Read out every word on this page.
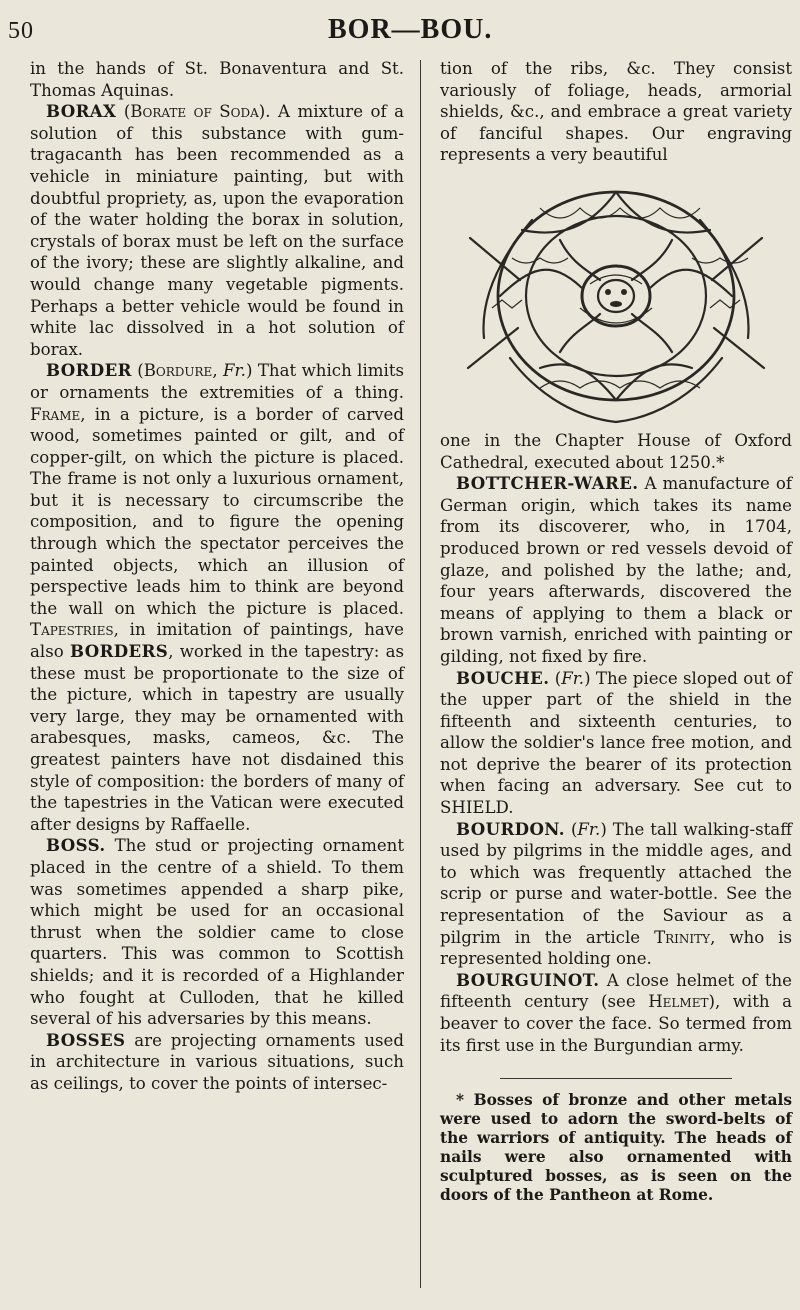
50	BOR—BOU.

in the hands of St. Bonaventura and St. Thomas Aquinas.

BORAX (Borate of Soda). A mixture of a solution of this substance with gum-tragacanth has been recommended as a vehicle in miniature painting, but with doubtful propriety, as, upon the evaporation of the water holding the borax in solution, crystals of borax must be left on the surface of the ivory; these are slightly alkaline, and would change many vegetable pigments. Perhaps a better vehicle would be found in white lac dissolved in a hot solution of borax.

BORDER (Bordure, Fr.) That which limits or ornaments the extremities of a thing. Frame, in a picture, is a border of carved wood, sometimes painted or gilt, and of copper-gilt, on which the picture is placed. The frame is not only a luxurious ornament, but it is necessary to circumscribe the composition, and to figure the opening through which the spectator perceives the painted objects, which an illusion of perspective leads him to think are beyond the wall on which the picture is placed. Tapestries, in imitation of paintings, have also BORDERS, worked in the tapestry: as these must be proportionate to the size of the picture, which in tapestry are usually very large, they may be ornamented with arabesques, masks, cameos, &c. The greatest painters have not disdained this style of composition: the borders of many of the tapestries in the Vatican were executed after designs by Raffaelle.

BOSS. The stud or projecting ornament placed in the centre of a shield. To them was sometimes appended a sharp pike, which might be used for an occasional thrust when the soldier came to close quarters. This was common to Scottish shields; and it is recorded of a Highlander who fought at Culloden, that he killed several of his adversaries by this means.

BOSSES are projecting ornaments used in architecture in various situations, such as ceilings, to cover the points of intersec-

tion of the ribs, &c. They consist variously of foliage, heads, armorial shields, &c., and embrace a great variety of fanciful shapes. Our engraving represents a very beautiful

one in the Chapter House of Oxford Cathedral, executed about 1250.*

BOTTCHER-WARE. A manufacture of German origin, which takes its name from its discoverer, who, in 1704, produced brown or red vessels devoid of glaze, and polished by the lathe; and, four years afterwards, discovered the means of applying to them a black or brown varnish, enriched with painting or gilding, not fixed by fire.

BOUCHE. (Fr.) The piece sloped out of the upper part of the shield in the fifteenth and sixteenth centuries, to allow the soldier's lance free motion, and not deprive the bearer of its protection when facing an adversary. See cut to SHIELD.

BOURDON. (Fr.) The tall walking-staff used by pilgrims in the middle ages, and to which was frequently attached the scrip or purse and water-bottle. See the representation of the Saviour as a pilgrim in the article Trinity, who is represented holding one.

BOURGUINOT. A close helmet of the fifteenth century (see Helmet), with a beaver to cover the face. So termed from its first use in the Burgundian army.

* Bosses of bronze and other metals were used to adorn the sword-belts of the warriors of antiquity. The heads of nails were also ornamented with sculptured bosses, as is seen on the doors of the Pantheon at Rome.
